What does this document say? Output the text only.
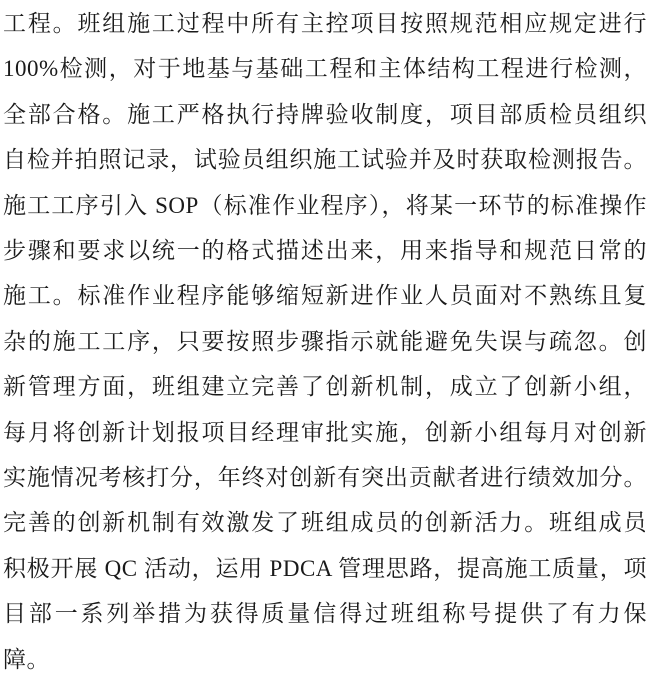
工程。班组施工过程中所有主控项目按照规范相应规定进行

100%检测，对于地基与基础工程和主体结构工程进行检测，

全部合格。施工严格执行持牌验收制度，项目部质检员组织

自检并拍照记录，试验员组织施工试验并及时获取检测报告。

施工工序引入 SOP（标准作业程序），将某一环节的标准操作

步骤和要求以统一的格式描述出来，用来指导和规范日常的

施工。标准作业程序能够缩短新进作业人员面对不熟练且复

杂的施工工序，只要按照步骤指示就能避免失误与疏忽。创

新管理方面，班组建立完善了创新机制，成立了创新小组，

每月将创新计划报项目经理审批实施，创新小组每月对创新

实施情况考核打分，年终对创新有突出贡献者进行绩效加分。

完善的创新机制有效激发了班组成员的创新活力。班组成员

积极开展 QC 活动，运用 PDCA 管理思路，提高施工质量，项

目部一系列举措为获得质量信得过班组称号提供了有力保

障。
